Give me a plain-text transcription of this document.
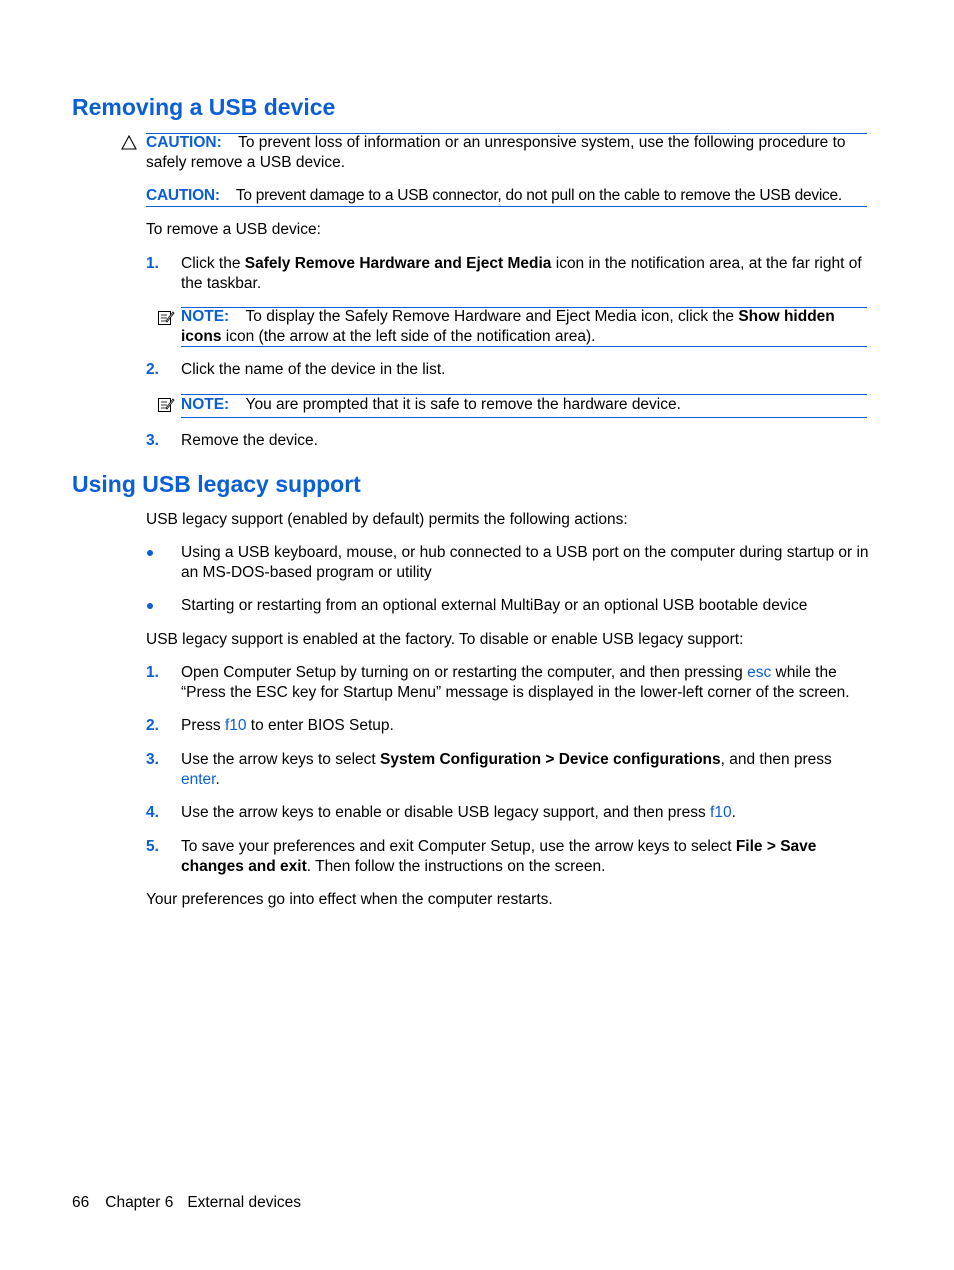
Removing a USB device
CAUTION: To prevent loss of information or an unresponsive system, use the following procedure to safely remove a USB device.
CAUTION: To prevent damage to a USB connector, do not pull on the cable to remove the USB device.
To remove a USB device:
1. Click the Safely Remove Hardware and Eject Media icon in the notification area, at the far right of the taskbar.
NOTE: To display the Safely Remove Hardware and Eject Media icon, click the Show hidden icons icon (the arrow at the left side of the notification area).
2. Click the name of the device in the list.
NOTE: You are prompted that it is safe to remove the hardware device.
3. Remove the device.
Using USB legacy support
USB legacy support (enabled by default) permits the following actions:
Using a USB keyboard, mouse, or hub connected to a USB port on the computer during startup or in an MS-DOS-based program or utility
Starting or restarting from an optional external MultiBay or an optional USB bootable device
USB legacy support is enabled at the factory. To disable or enable USB legacy support:
1. Open Computer Setup by turning on or restarting the computer, and then pressing esc while the “Press the ESC key for Startup Menu” message is displayed in the lower-left corner of the screen.
2. Press f10 to enter BIOS Setup.
3. Use the arrow keys to select System Configuration > Device configurations, and then press enter.
4. Use the arrow keys to enable or disable USB legacy support, and then press f10.
5. To save your preferences and exit Computer Setup, use the arrow keys to select File > Save changes and exit. Then follow the instructions on the screen.
Your preferences go into effect when the computer restarts.
66 Chapter 6 External devices
